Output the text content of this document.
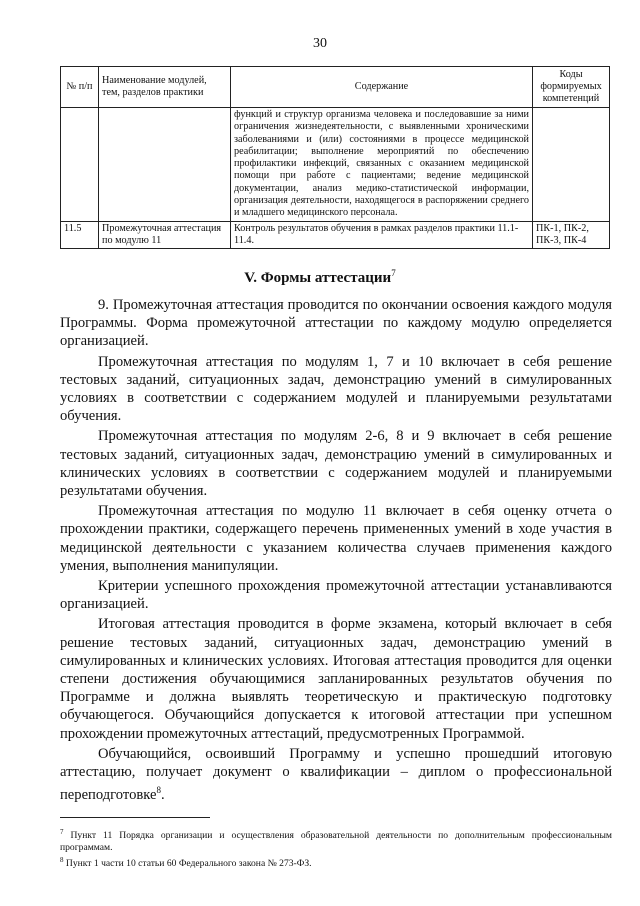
30
№ п/п	Наименование модулей, тем, разделов практики	Содержание	Коды формируемых компетенций
		функций и структур организма человека и последовавшие за ними ограничения жизнедеятельности, с выявленными хроническими заболеваниями и (или) состояниями в процессе медицинской реабилитации; выполнение мероприятий по обеспечению профилактики инфекций, связанных с оказанием медицинской помощи при работе с пациентами; ведение медицинской документации, анализ медико-статистической информации, организация деятельности, находящегося в распоряжении среднего и младшего медицинского персонала.	
11.5	Промежуточная аттестация по модулю 11	Контроль результатов обучения в рамках разделов практики 11.1-11.4.	ПК-1, ПК-2, ПК-3, ПК-4
V. Формы аттестации$^7$

9. Промежуточная аттестация проводится по окончании освоения каждого модуля Программы. Форма промежуточной аттестации по каждому модулю определяется организацией.

Промежуточная аттестация по модулям 1, 7 и 10 включает в себя решение тестовых заданий, ситуационных задач, демонстрацию умений в симулированных условиях в соответствии с содержанием модулей и планируемыми результатами обучения.

Промежуточная аттестация по модулям 2-6, 8 и 9 включает в себя решение тестовых заданий, ситуационных задач, демонстрацию умений в симулированных и клинических условиях в соответствии с содержанием модулей и планируемыми результатами обучения.

Промежуточная аттестация по модулю 11 включает в себя оценку отчета о прохождении практики, содержащего перечень примененных умений в ходе участия в медицинской деятельности с указанием количества случаев применения каждого умения, выполнения манипуляции.

Критерии успешного прохождения промежуточной аттестации устанавливаются организацией.

Итоговая аттестация проводится в форме экзамена, который включает в себя решение тестовых заданий, ситуационных задач, демонстрацию умений в симулированных и клинических условиях. Итоговая аттестация проводится для оценки степени достижения обучающимися запланированных результатов обучения по Программе и должна выявлять теоретическую и практическую подготовку обучающегося. Обучающийся допускается к итоговой аттестации при успешном прохождении промежуточных аттестаций, предусмотренных Программой.

Обучающийся, освоивший Программу и успешно прошедший итоговую аттестацию, получает документ о квалификации – диплом о профессиональной переподготовке$^8$.

$^7$ Пункт 11 Порядка организации и осуществления образовательной деятельности по дополнительным профессиональным программам.

$^8$ Пункт 1 части 10 статьи 60 Федерального закона № 273-ФЗ.
